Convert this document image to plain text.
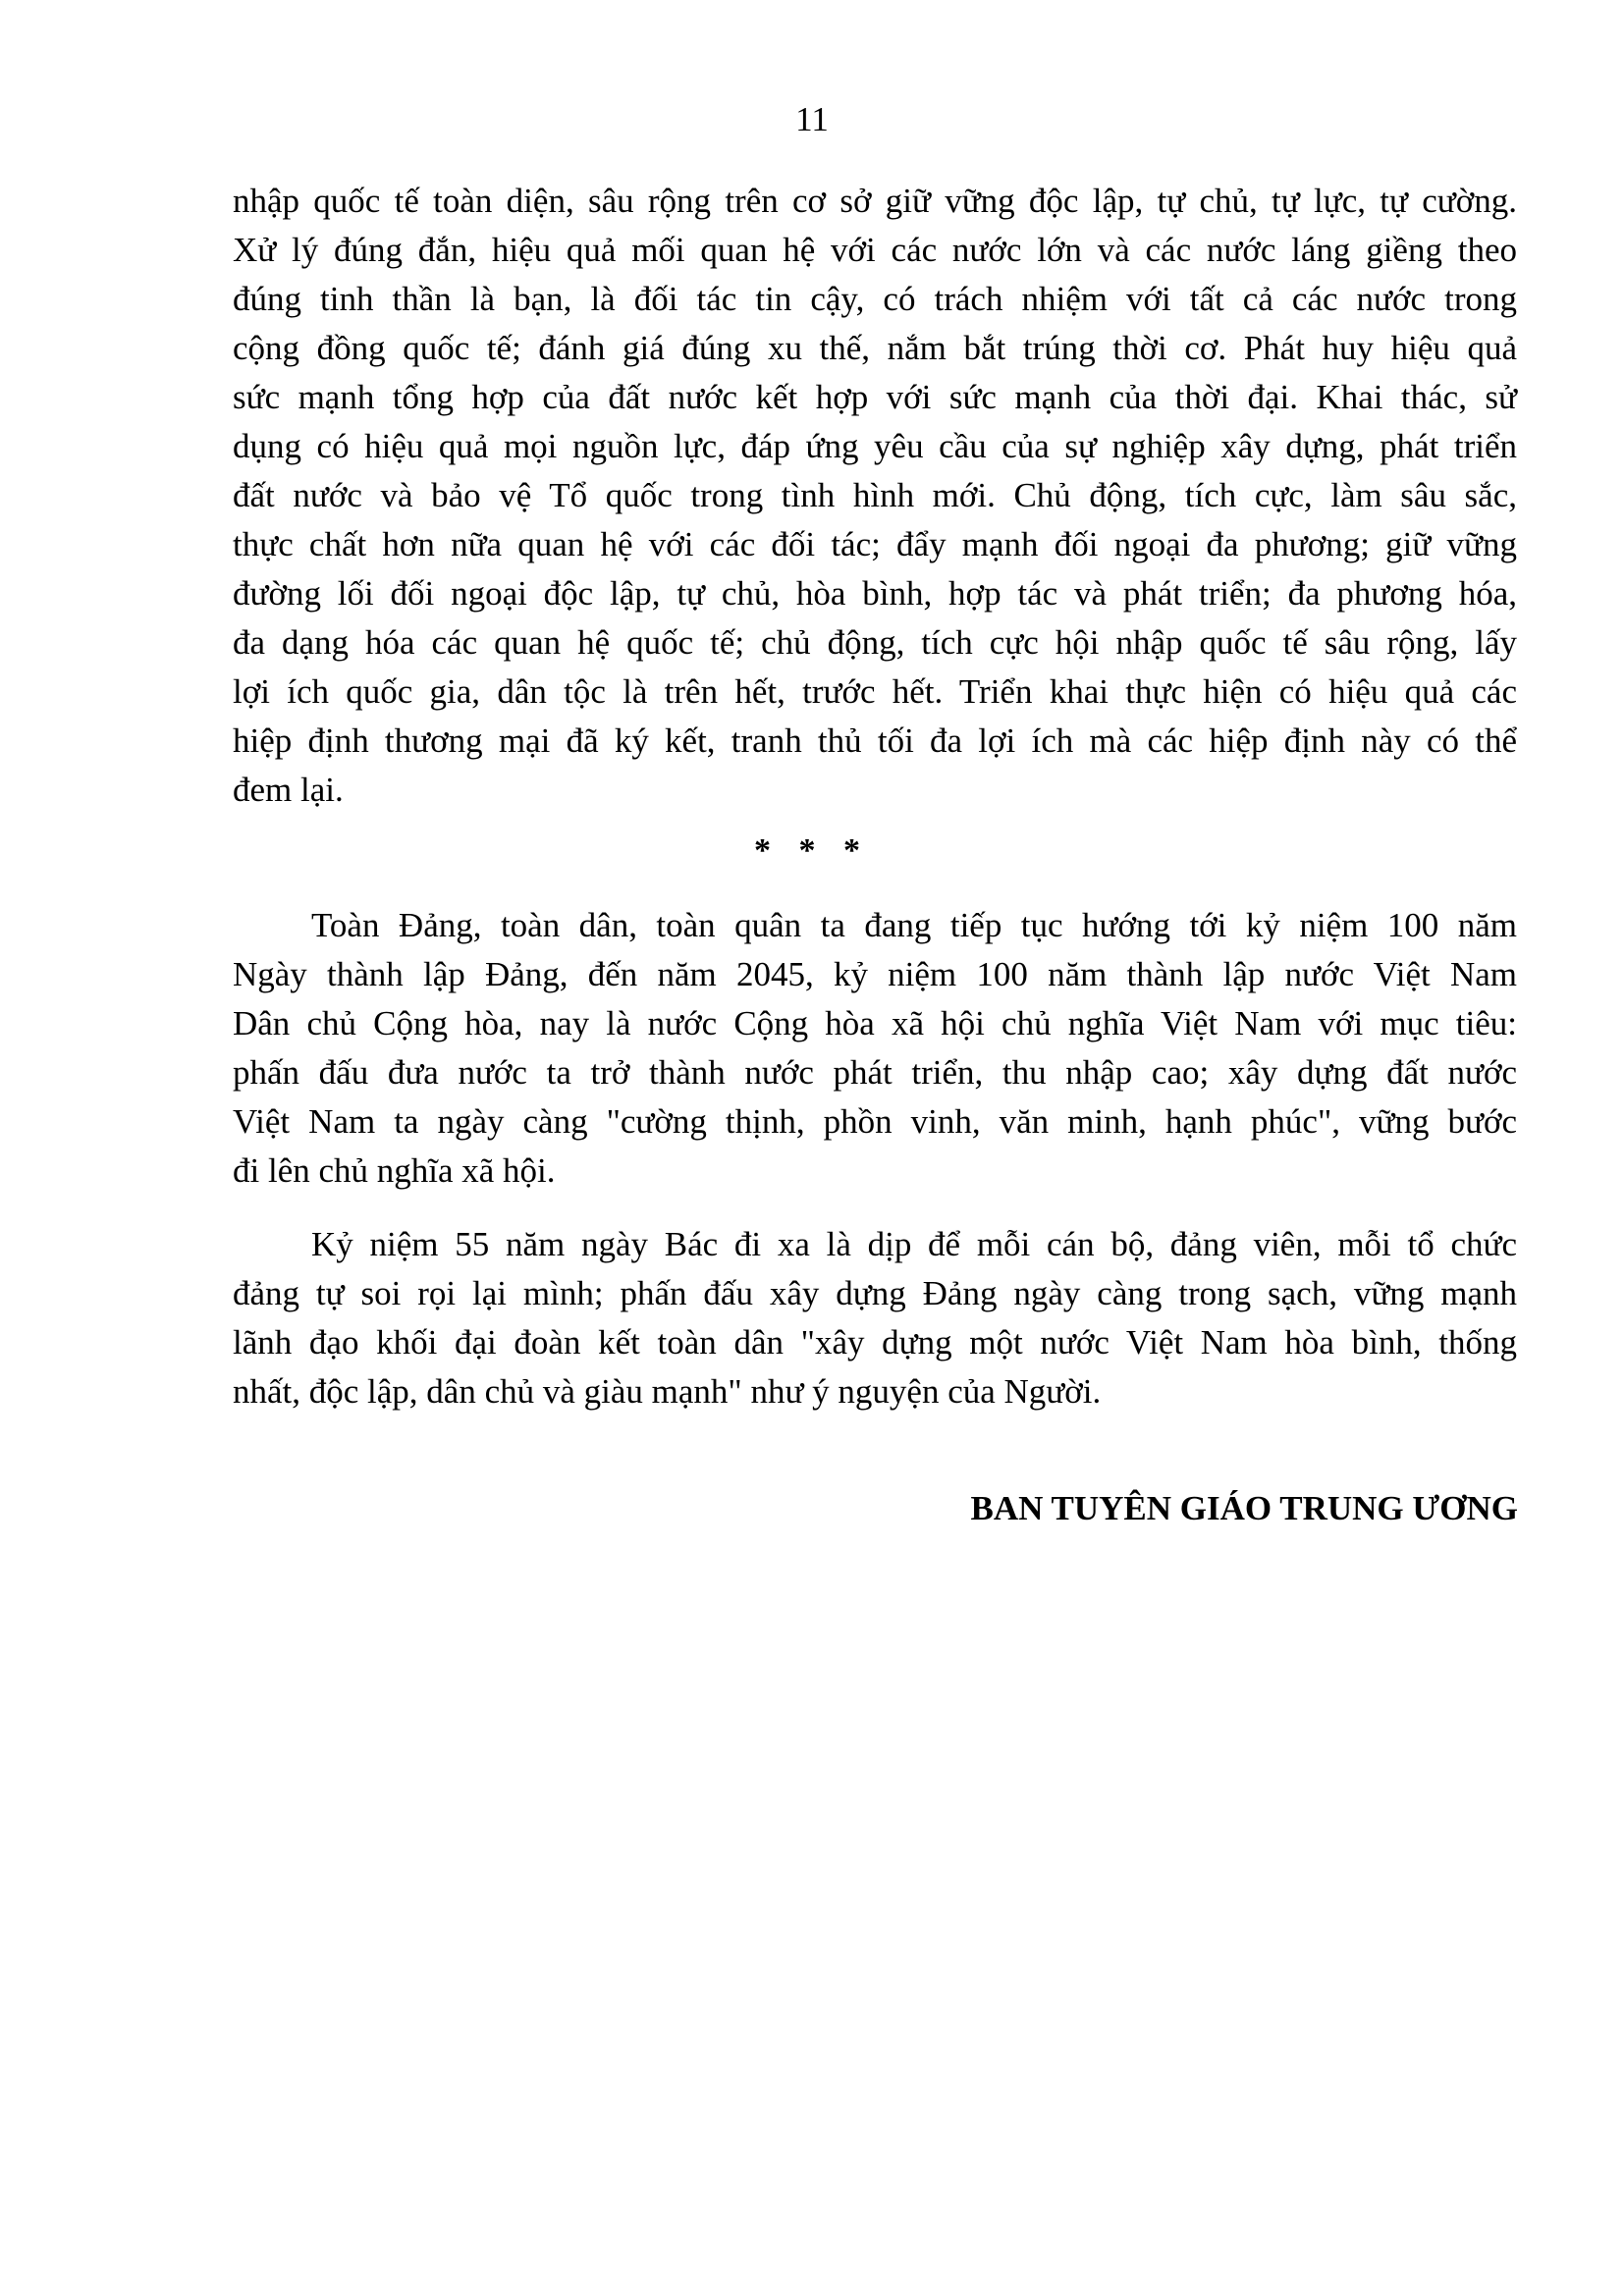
11
nhập quốc tế toàn diện, sâu rộng trên cơ sở giữ vững độc lập, tự chủ, tự lực, tự cường.
Xử lý đúng đắn, hiệu quả mối quan hệ với các nước lớn và các nước láng giềng theo
đúng tinh thần là bạn, là đối tác tin cậy, có trách nhiệm với tất cả các nước trong
cộng đồng quốc tế; đánh giá đúng xu thế, nắm bắt trúng thời cơ. Phát huy hiệu quả
sức mạnh tổng hợp của đất nước kết hợp với sức mạnh của thời đại. Khai thác, sử
dụng có hiệu quả mọi nguồn lực, đáp ứng yêu cầu của sự nghiệp xây dựng, phát triển
đất nước và bảo vệ Tổ quốc trong tình hình mới. Chủ động, tích cực, làm sâu sắc,
thực chất hơn nữa quan hệ với các đối tác; đẩy mạnh đối ngoại đa phương; giữ vững
đường lối đối ngoại độc lập, tự chủ, hòa bình, hợp tác và phát triển; đa phương hóa,
đa dạng hóa các quan hệ quốc tế; chủ động, tích cực hội nhập quốc tế sâu rộng, lấy
lợi ích quốc gia, dân tộc là trên hết, trước hết. Triển khai thực hiện có hiệu quả các
hiệp định thương mại đã ký kết, tranh thủ tối đa lợi ích mà các hiệp định này có thể
đem lại.
* * *
Toàn Đảng, toàn dân, toàn quân ta đang tiếp tục hướng tới kỷ niệm 100 năm
Ngày thành lập Đảng, đến năm 2045, kỷ niệm 100 năm thành lập nước Việt Nam
Dân chủ Cộng hòa, nay là nước Cộng hòa xã hội chủ nghĩa Việt Nam với mục tiêu:
phấn đấu đưa nước ta trở thành nước phát triển, thu nhập cao; xây dựng đất nước
Việt Nam ta ngày càng "cường thịnh, phồn vinh, văn minh, hạnh phúc", vững bước
đi lên chủ nghĩa xã hội.
Kỷ niệm 55 năm ngày Bác đi xa là dịp để mỗi cán bộ, đảng viên, mỗi tổ chức
đảng tự soi rọi lại mình; phấn đấu xây dựng Đảng ngày càng trong sạch, vững mạnh
lãnh đạo khối đại đoàn kết toàn dân "xây dựng một nước Việt Nam hòa bình, thống
nhất, độc lập, dân chủ và giàu mạnh" như ý nguyện của Người.
BAN TUYÊN GIÁO TRUNG ƯƠNG
